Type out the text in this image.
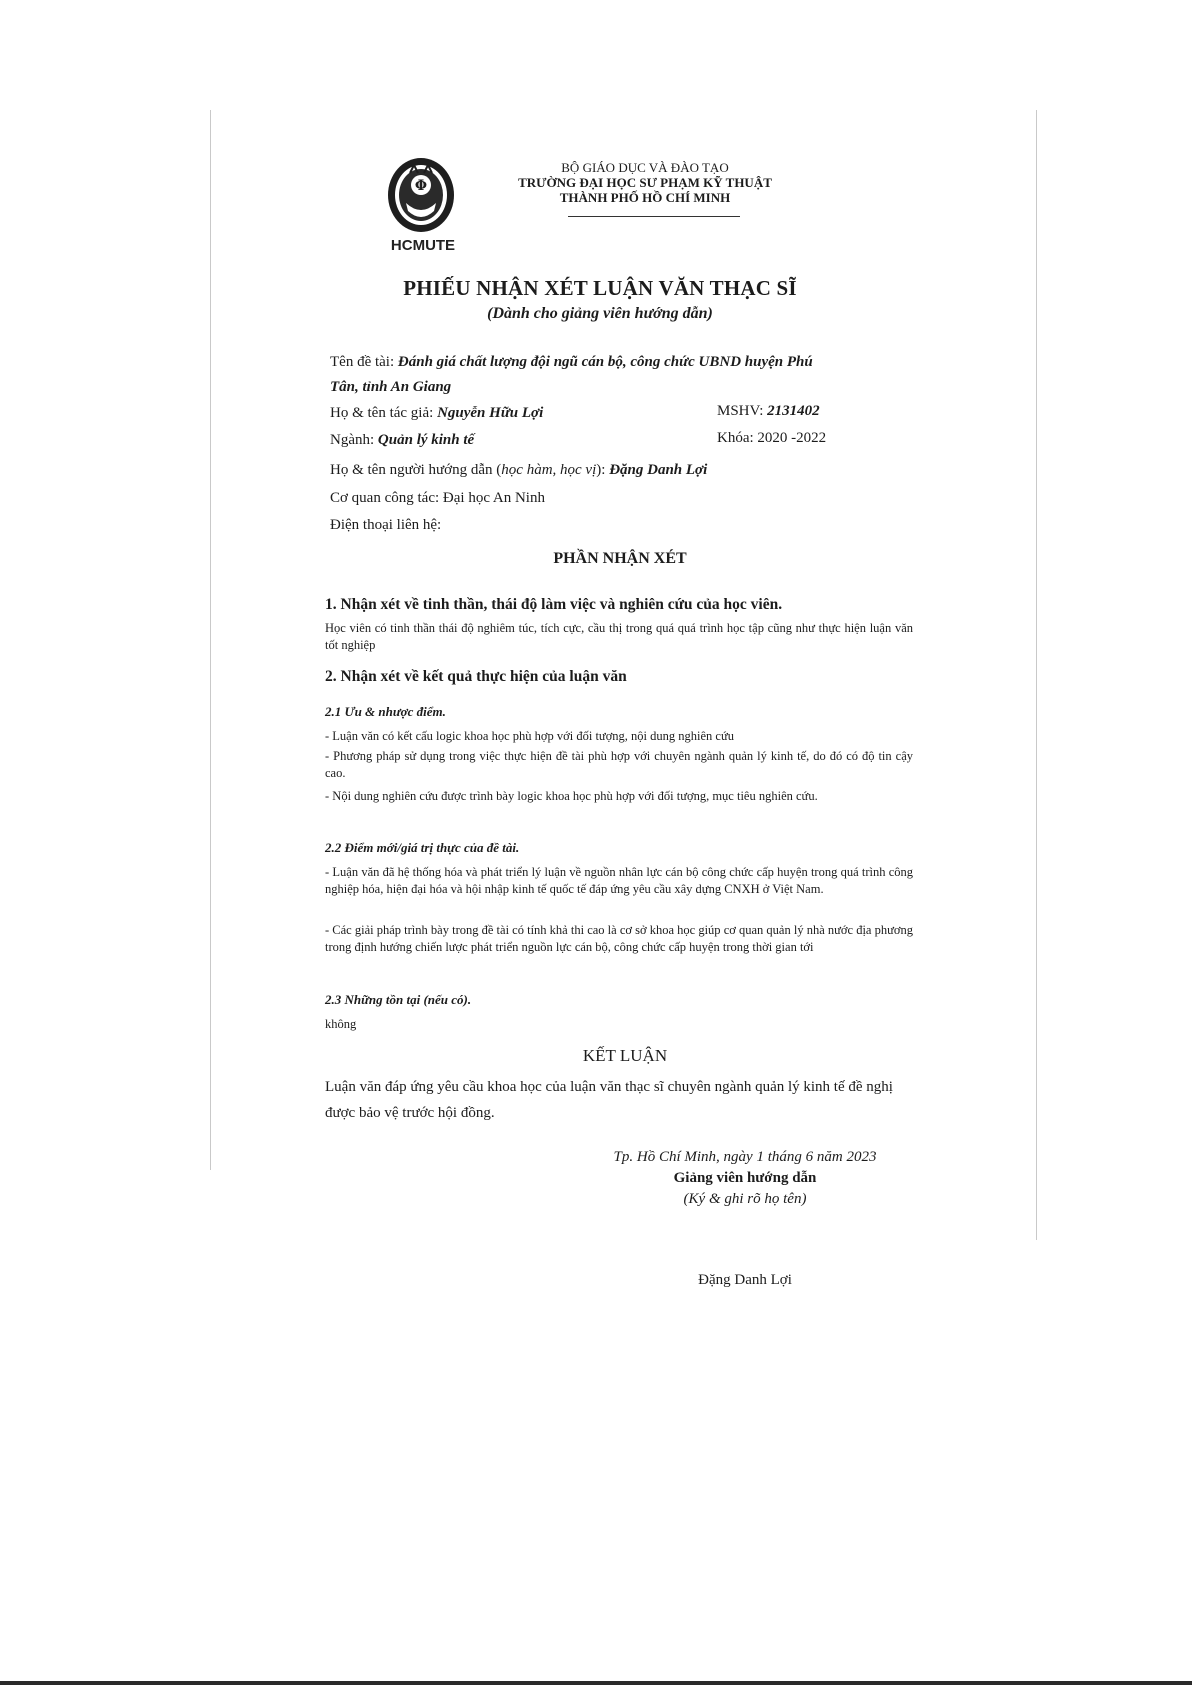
Φ
HCMUTE
BỘ GIÁO DỤC VÀ ĐÀO TẠO
TRƯỜNG ĐẠI HỌC SƯ PHẠM KỸ THUẬT
THÀNH PHỐ HỒ CHÍ MINH
PHIẾU NHẬN XÉT LUẬN VĂN THẠC SĨ
(Dành cho giảng viên hướng dẫn)
Tên đề tài: Đánh giá chất lượng đội ngũ cán bộ, công chức UBND huyện Phú
Tân, tỉnh An Giang
Họ & tên tác giả: Nguyễn Hữu Lợi	MSHV: 2131402
Ngành: Quản lý kinh tế	Khóa: 2020 -2022
Họ & tên người hướng dẫn (học hàm, học vị): Đặng Danh Lợi
Cơ quan công tác: Đại học An Ninh
Điện thoại liên hệ:
PHẦN NHẬN XÉT
1. Nhận xét về tinh thần, thái độ làm việc và nghiên cứu của học viên.
Học viên có tinh thần thái độ nghiêm túc, tích cực, cầu thị trong quá quá trình học tập cũng như thực hiện luận văn tốt nghiệp
2. Nhận xét về kết quả thực hiện của luận văn
2.1 Ưu & nhược điểm.
- Luận văn có kết cấu logic khoa học phù hợp với đối tượng, nội dung nghiên cứu
- Phương pháp sử dụng trong việc thực hiện đề tài phù hợp với chuyên ngành quản lý kinh tế, do đó có độ tin cậy cao.
- Nội dung nghiên cứu được trình bày logic khoa học phù hợp với đối tượng, mục tiêu nghiên cứu.
2.2 Điểm mới/giá trị thực của đề tài.
- Luận văn đã hệ thống hóa và phát triển lý luận về nguồn nhân lực cán bộ công chức cấp huyện trong quá trình công nghiệp hóa, hiện đại hóa và hội nhập kinh tế quốc tế đáp ứng yêu cầu xây dựng CNXH ở Việt Nam.
- Các giải pháp trình bày trong đề tài có tính khả thi cao là cơ sở khoa học giúp cơ quan quản lý nhà nước địa phương trong định hướng chiến lược phát triển nguồn lực cán bộ, công chức cấp huyện trong thời gian tới
2.3 Những tồn tại (nếu có).
không
KẾT LUẬN
Luận văn đáp ứng yêu cầu khoa học của luận văn thạc sĩ chuyên ngành quản lý kinh tế đề nghị được bảo vệ trước hội đồng.
Tp. Hồ Chí Minh, ngày 1 tháng 6 năm 2023
Giảng viên hướng dẫn
(Ký & ghi rõ họ tên)
Đặng Danh Lợi
